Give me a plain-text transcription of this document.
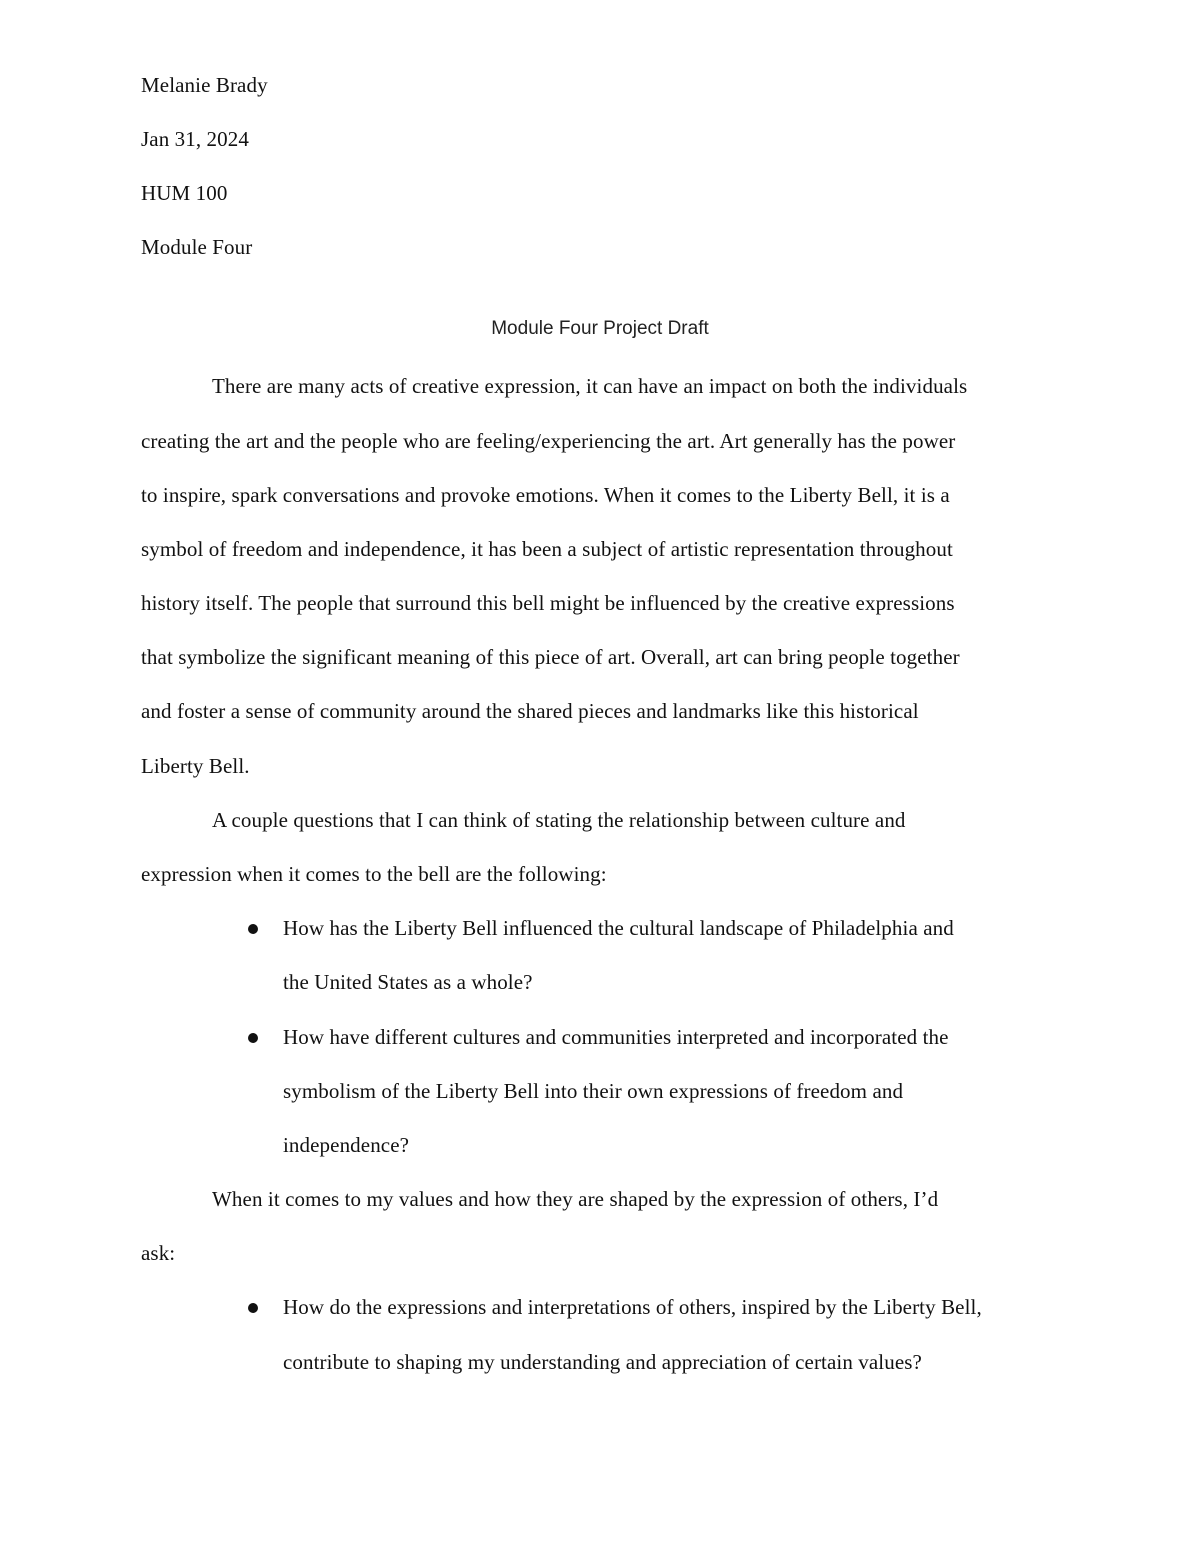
Melanie Brady
Jan 31, 2024
HUM 100
Module Four
Module Four Project Draft
There are many acts of creative expression, it can have an impact on both the individuals
creating the art and the people who are feeling/experiencing the art. Art generally has the power
to inspire, spark conversations and provoke emotions. When it comes to the Liberty Bell, it is a
symbol of freedom and independence, it has been a subject of artistic representation throughout
history itself. The people that surround this bell might be influenced by the creative expressions
that symbolize the significant meaning of this piece of art. Overall, art can bring people together
and foster a sense of community around the shared pieces and landmarks like this historical
Liberty Bell.
A couple questions that I can think of stating the relationship between culture and
expression when it comes to the bell are the following:
How has the Liberty Bell influenced the cultural landscape of Philadelphia and
the United States as a whole?
How have different cultures and communities interpreted and incorporated the
symbolism of the Liberty Bell into their own expressions of freedom and
independence?
When it comes to my values and how they are shaped by the expression of others, I’d
ask:
How do the expressions and interpretations of others, inspired by the Liberty Bell,
contribute to shaping my understanding and appreciation of certain values?
